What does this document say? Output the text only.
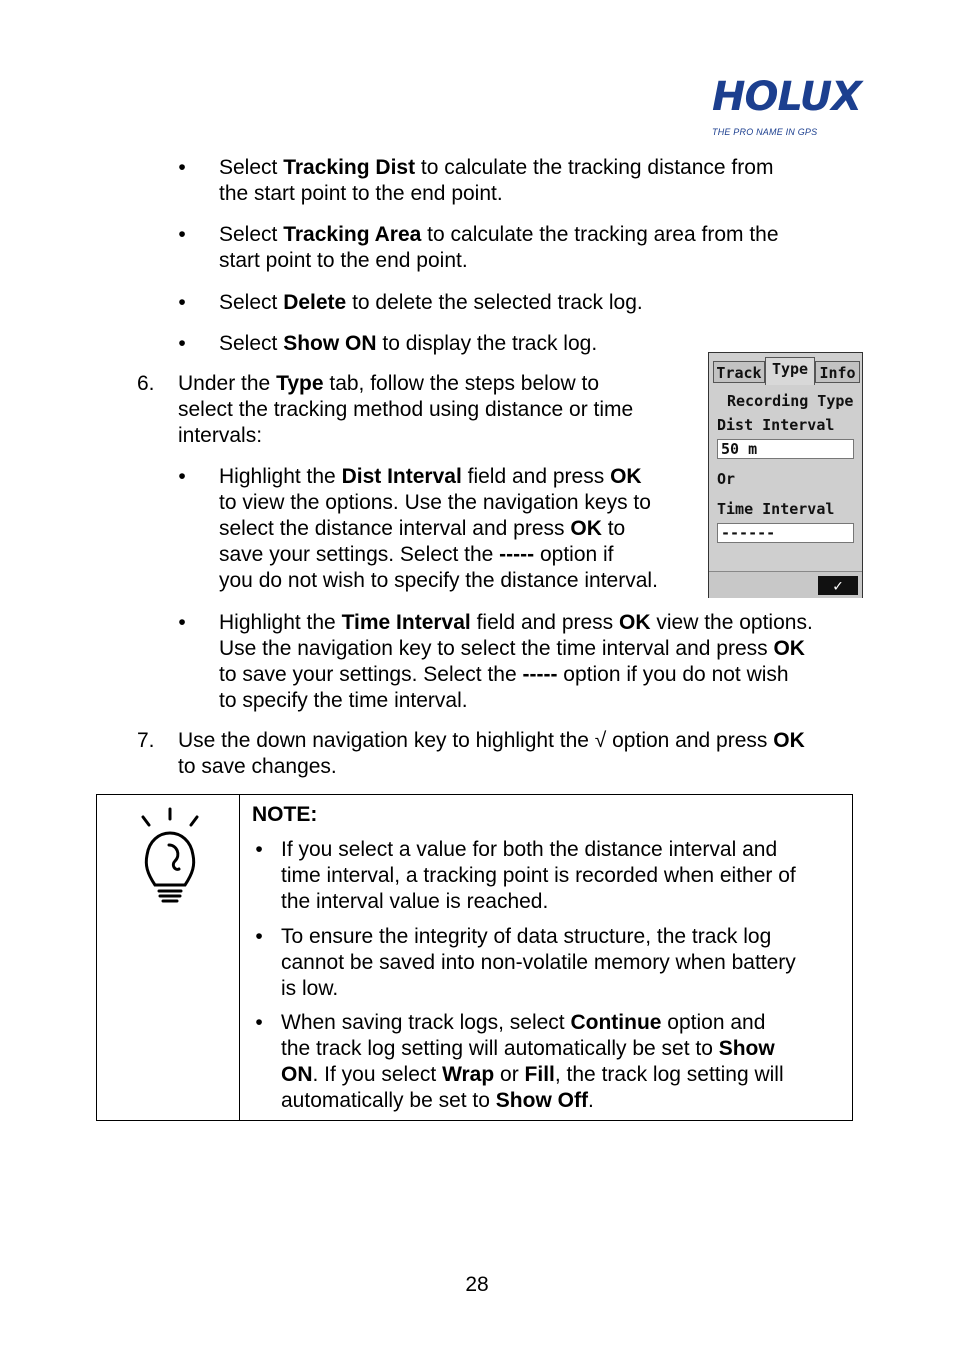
HOLUX
THE PRO NAME IN GPS
•	Select Tracking Dist to calculate the tracking distance from
the start point to the end point.
•	Select Tracking Area to calculate the tracking area from the
start point to the end point.
•	Select Delete to delete the selected track log.
•	Select Show ON to display the track log.
6. Under the Type tab, follow the steps below to
select the tracking method using distance or time
intervals:
•	Highlight the Dist Interval field and press OK
to view the options. Use the navigation keys to
select the distance interval and press OK to
save your settings. Select the ----- option if
you do not wish to specify the distance interval.
•	Highlight the Time Interval field and press OK view the options.
Use the navigation key to select the time interval and press OK
to save your settings. Select the ----- option if you do not wish
to specify the time interval.
7. Use the down navigation key to highlight the √ option and press OK
to save changes.
Track Type Info
Recording Type
Dist Interval
50 m
Or
Time Interval
------
✓
NOTE:
• If you select a value for both the distance interval and
time interval, a tracking point is recorded when either of
the interval value is reached.
• To ensure the integrity of data structure, the track log
cannot be saved into non-volatile memory when battery
is low.
• When saving track logs, select Continue option and
the track log setting will automatically be set to Show
ON. If you select Wrap or Fill, the track log setting will
automatically be set to Show Off.
28
